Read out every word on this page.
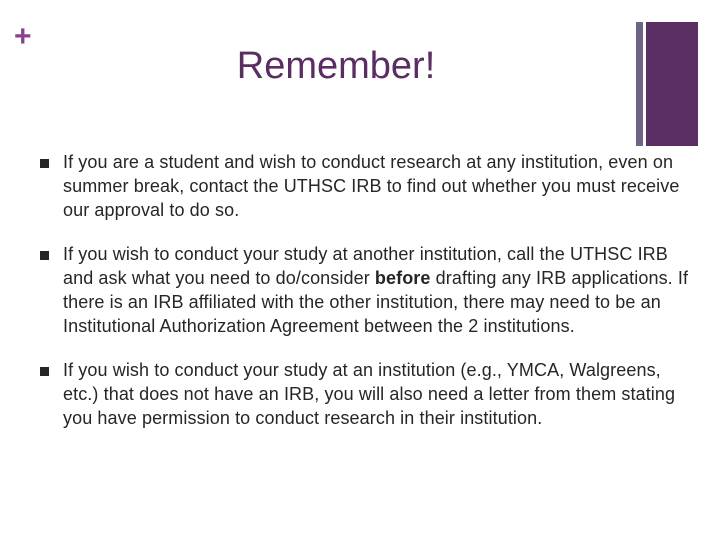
+
Remember!
If you are a student and wish to conduct research at any institution, even on summer break, contact the UTHSC IRB to find out whether you must receive our approval to do so.
If you wish to conduct your study at another institution, call the UTHSC IRB and ask what you need to do/consider before drafting any IRB applications. If there is an IRB affiliated with the other institution, there may need to be an Institutional Authorization Agreement between the 2 institutions.
If you wish to conduct your study at an institution (e.g., YMCA, Walgreens, etc.) that does not have an IRB, you will also need a letter from them stating you have permission to conduct research in their institution.
